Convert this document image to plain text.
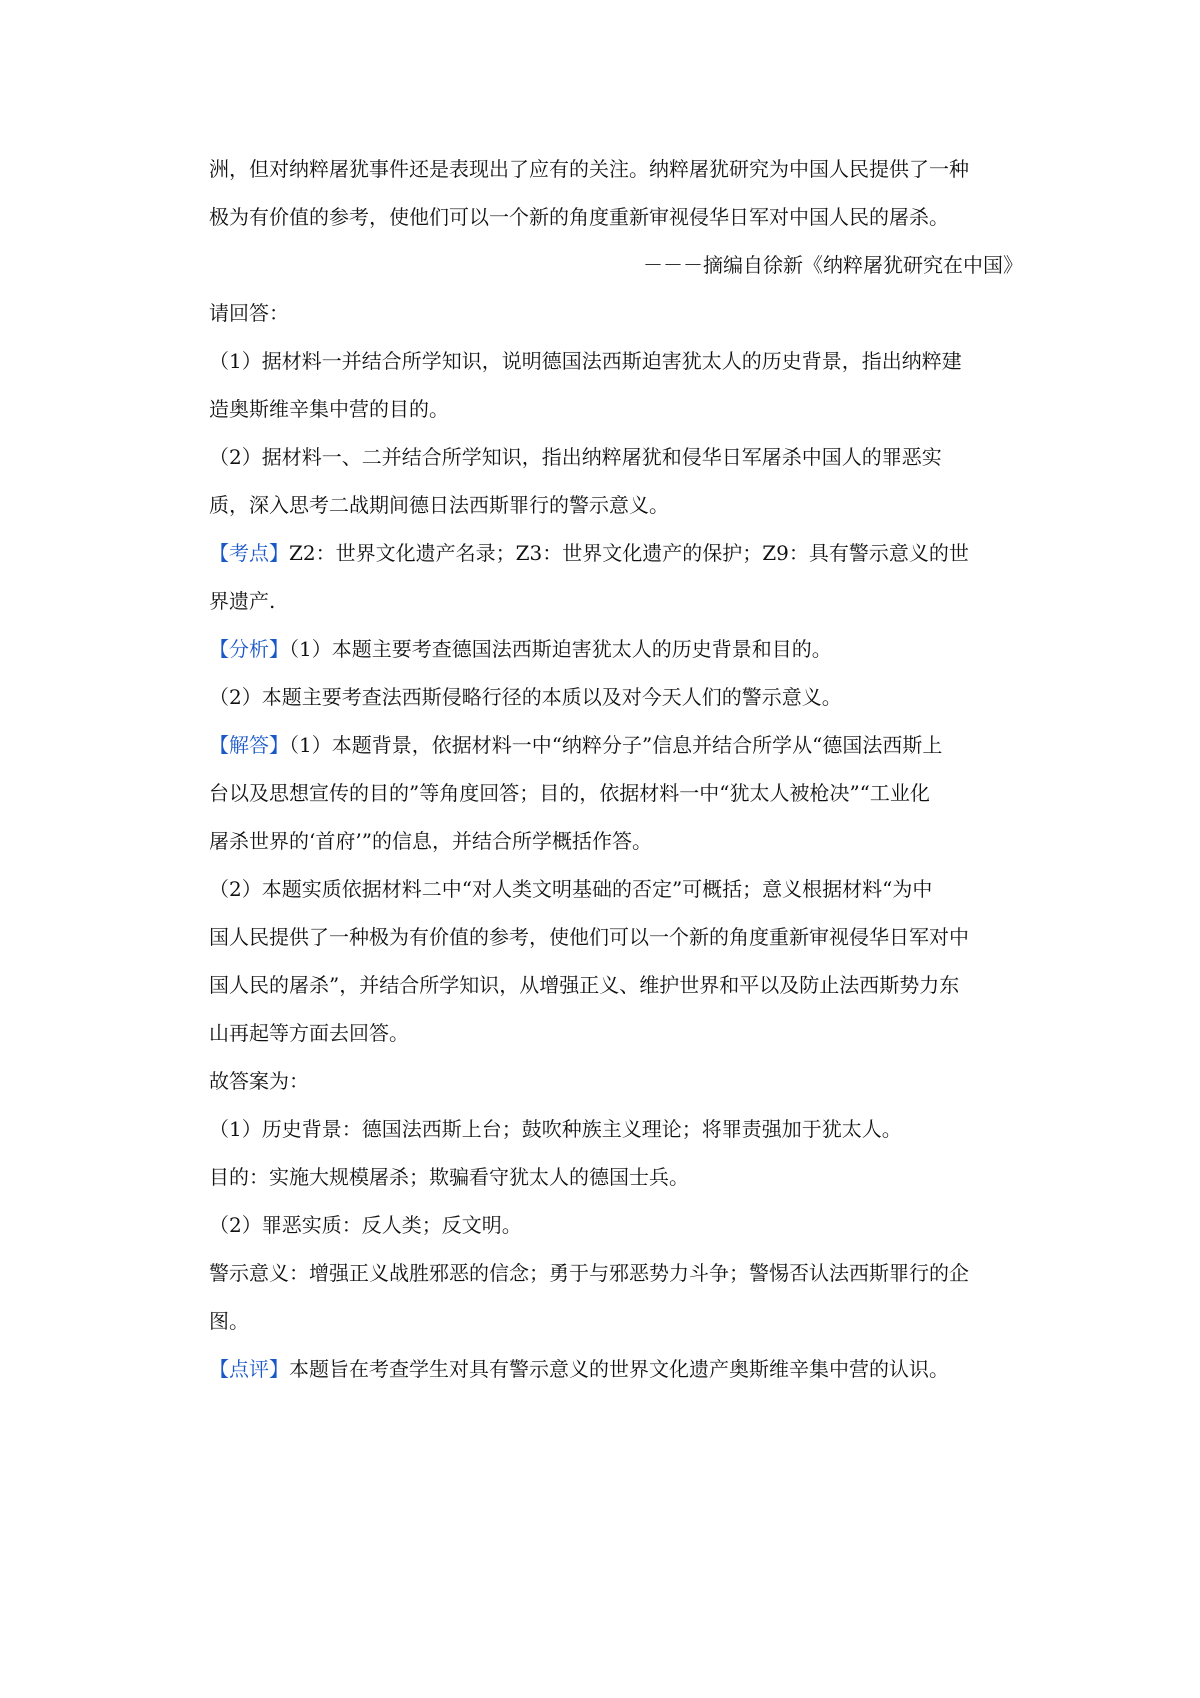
洲，但对纳粹屠犹事件还是表现出了应有的关注。纳粹屠犹研究为中国人民提供了一种
极为有价值的参考，使他们可以一个新的角度重新审视侵华日军对中国人民的屠杀。
－－－摘编自徐新《纳粹屠犹研究在中国》
请回答：
（1）据材料一并结合所学知识，说明德国法西斯迫害犹太人的历史背景，指出纳粹建
造奥斯维辛集中营的目的。
（2）据材料一、二并结合所学知识，指出纳粹屠犹和侵华日军屠杀中国人的罪恶实
质，深入思考二战期间德日法西斯罪行的警示意义。
【考点】Z2：世界文化遗产名录；Z3：世界文化遗产的保护；Z9：具有警示意义的世
界遗产.
【分析】（1）本题主要考查德国法西斯迫害犹太人的历史背景和目的。
（2）本题主要考查法西斯侵略行径的本质以及对今天人们的警示意义。
【解答】（1）本题背景，依据材料一中“纳粹分子”信息并结合所学从“德国法西斯上
台以及思想宣传的目的”等角度回答；目的，依据材料一中“犹太人被枪决”“工业化
屠杀世界的‘首府’”的信息，并结合所学概括作答。
（2）本题实质依据材料二中“对人类文明基础的否定”可概括；意义根据材料“为中
国人民提供了一种极为有价值的参考，使他们可以一个新的角度重新审视侵华日军对中
国人民的屠杀”，并结合所学知识，从增强正义、维护世界和平以及防止法西斯势力东
山再起等方面去回答。
故答案为：
（1）历史背景：德国法西斯上台；鼓吹种族主义理论；将罪责强加于犹太人。
目的：实施大规模屠杀；欺骗看守犹太人的德国士兵。
（2）罪恶实质：反人类；反文明。
警示意义：增强正义战胜邪恶的信念；勇于与邪恶势力斗争；警惕否认法西斯罪行的企
图。
【点评】本题旨在考查学生对具有警示意义的世界文化遗产奥斯维辛集中营的认识。
